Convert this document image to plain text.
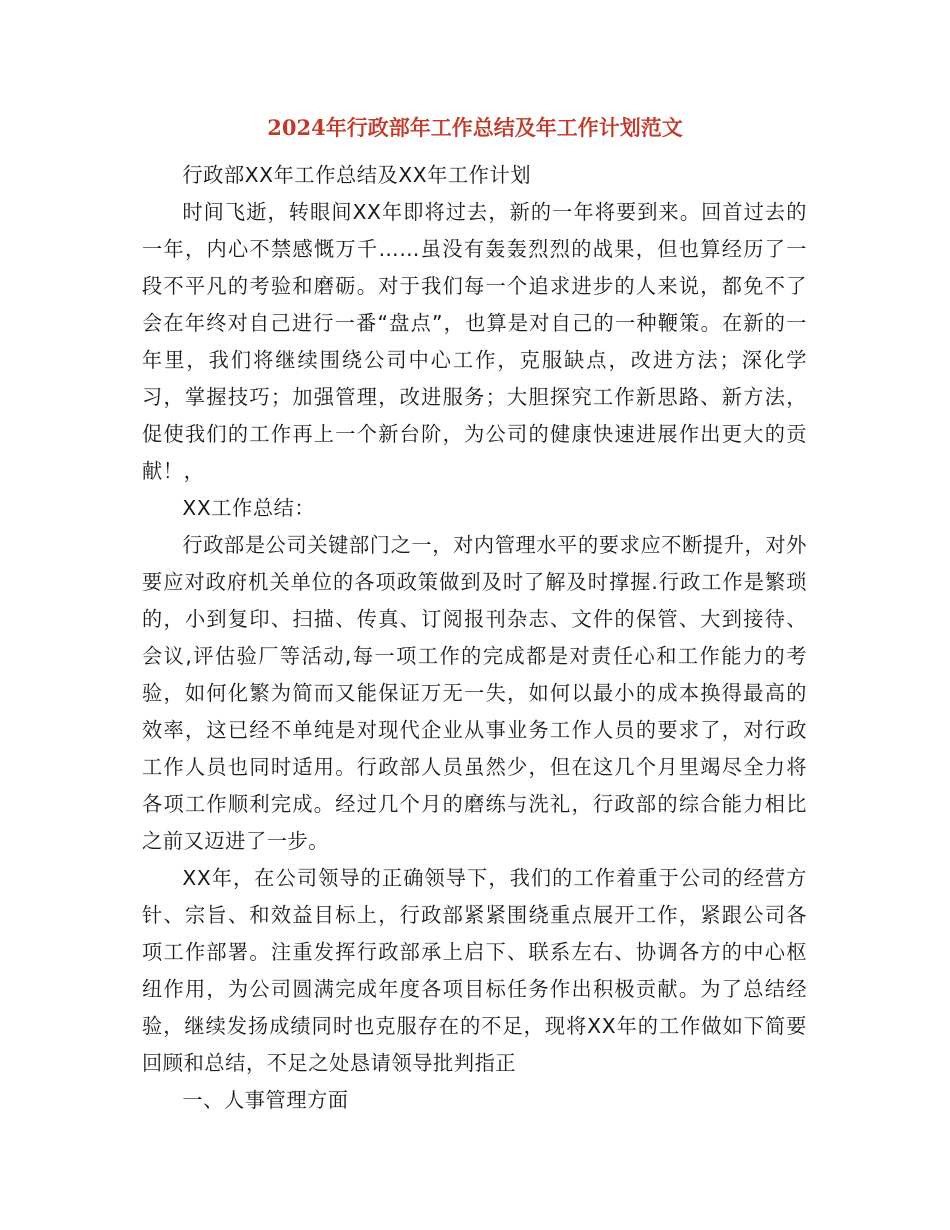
2024年行政部年工作总结及年工作计划范文

行政部XX年工作总结及XX年工作计划

时间飞逝，转眼间XX年即将过去，新的一年将要到来。回首过去的一年，内心不禁感慨万千……虽没有轰轰烈烈的战果，但也算经历了一段不平凡的考验和磨砺。对于我们每一个追求进步的人来说，都免不了会在年终对自己进行一番“盘点”，也算是对自己的一种鞭策。在新的一年里，我们将继续围绕公司中心工作，克服缺点，改进方法；深化学习，掌握技巧；加强管理，改进服务；大胆探究工作新思路、新方法，促使我们的工作再上一个新台阶，为公司的健康快速进展作出更大的贡献！，

XX工作总结：

行政部是公司关键部门之一，对内管理水平的要求应不断提升，对外要应对政府机关单位的各项政策做到及时了解及时撑握.行政工作是繁琐的，小到复印、扫描、传真、订阅报刊杂志、文件的保管、大到接待、会议,评估验厂等活动,每一项工作的完成都是对责任心和工作能力的考验，如何化繁为简而又能保证万无一失，如何以最小的成本换得最高的效率，这已经不单纯是对现代企业从事业务工作人员的要求了，对行政工作人员也同时适用。行政部人员虽然少，但在这几个月里竭尽全力将各项工作顺利完成。经过几个月的磨练与洗礼，行政部的综合能力相比之前又迈进了一步。

XX年，在公司领导的正确领导下，我们的工作着重于公司的经营方针、宗旨、和效益目标上，行政部紧紧围绕重点展开工作，紧跟公司各项工作部署。注重发挥行政部承上启下、联系左右、协调各方的中心枢纽作用，为公司圆满完成年度各项目标任务作出积极贡献。为了总结经验，继续发扬成绩同时也克服存在的不足，现将XX年的工作做如下简要回顾和总结，不足之处恳请领导批判指正

一、人事管理方面
